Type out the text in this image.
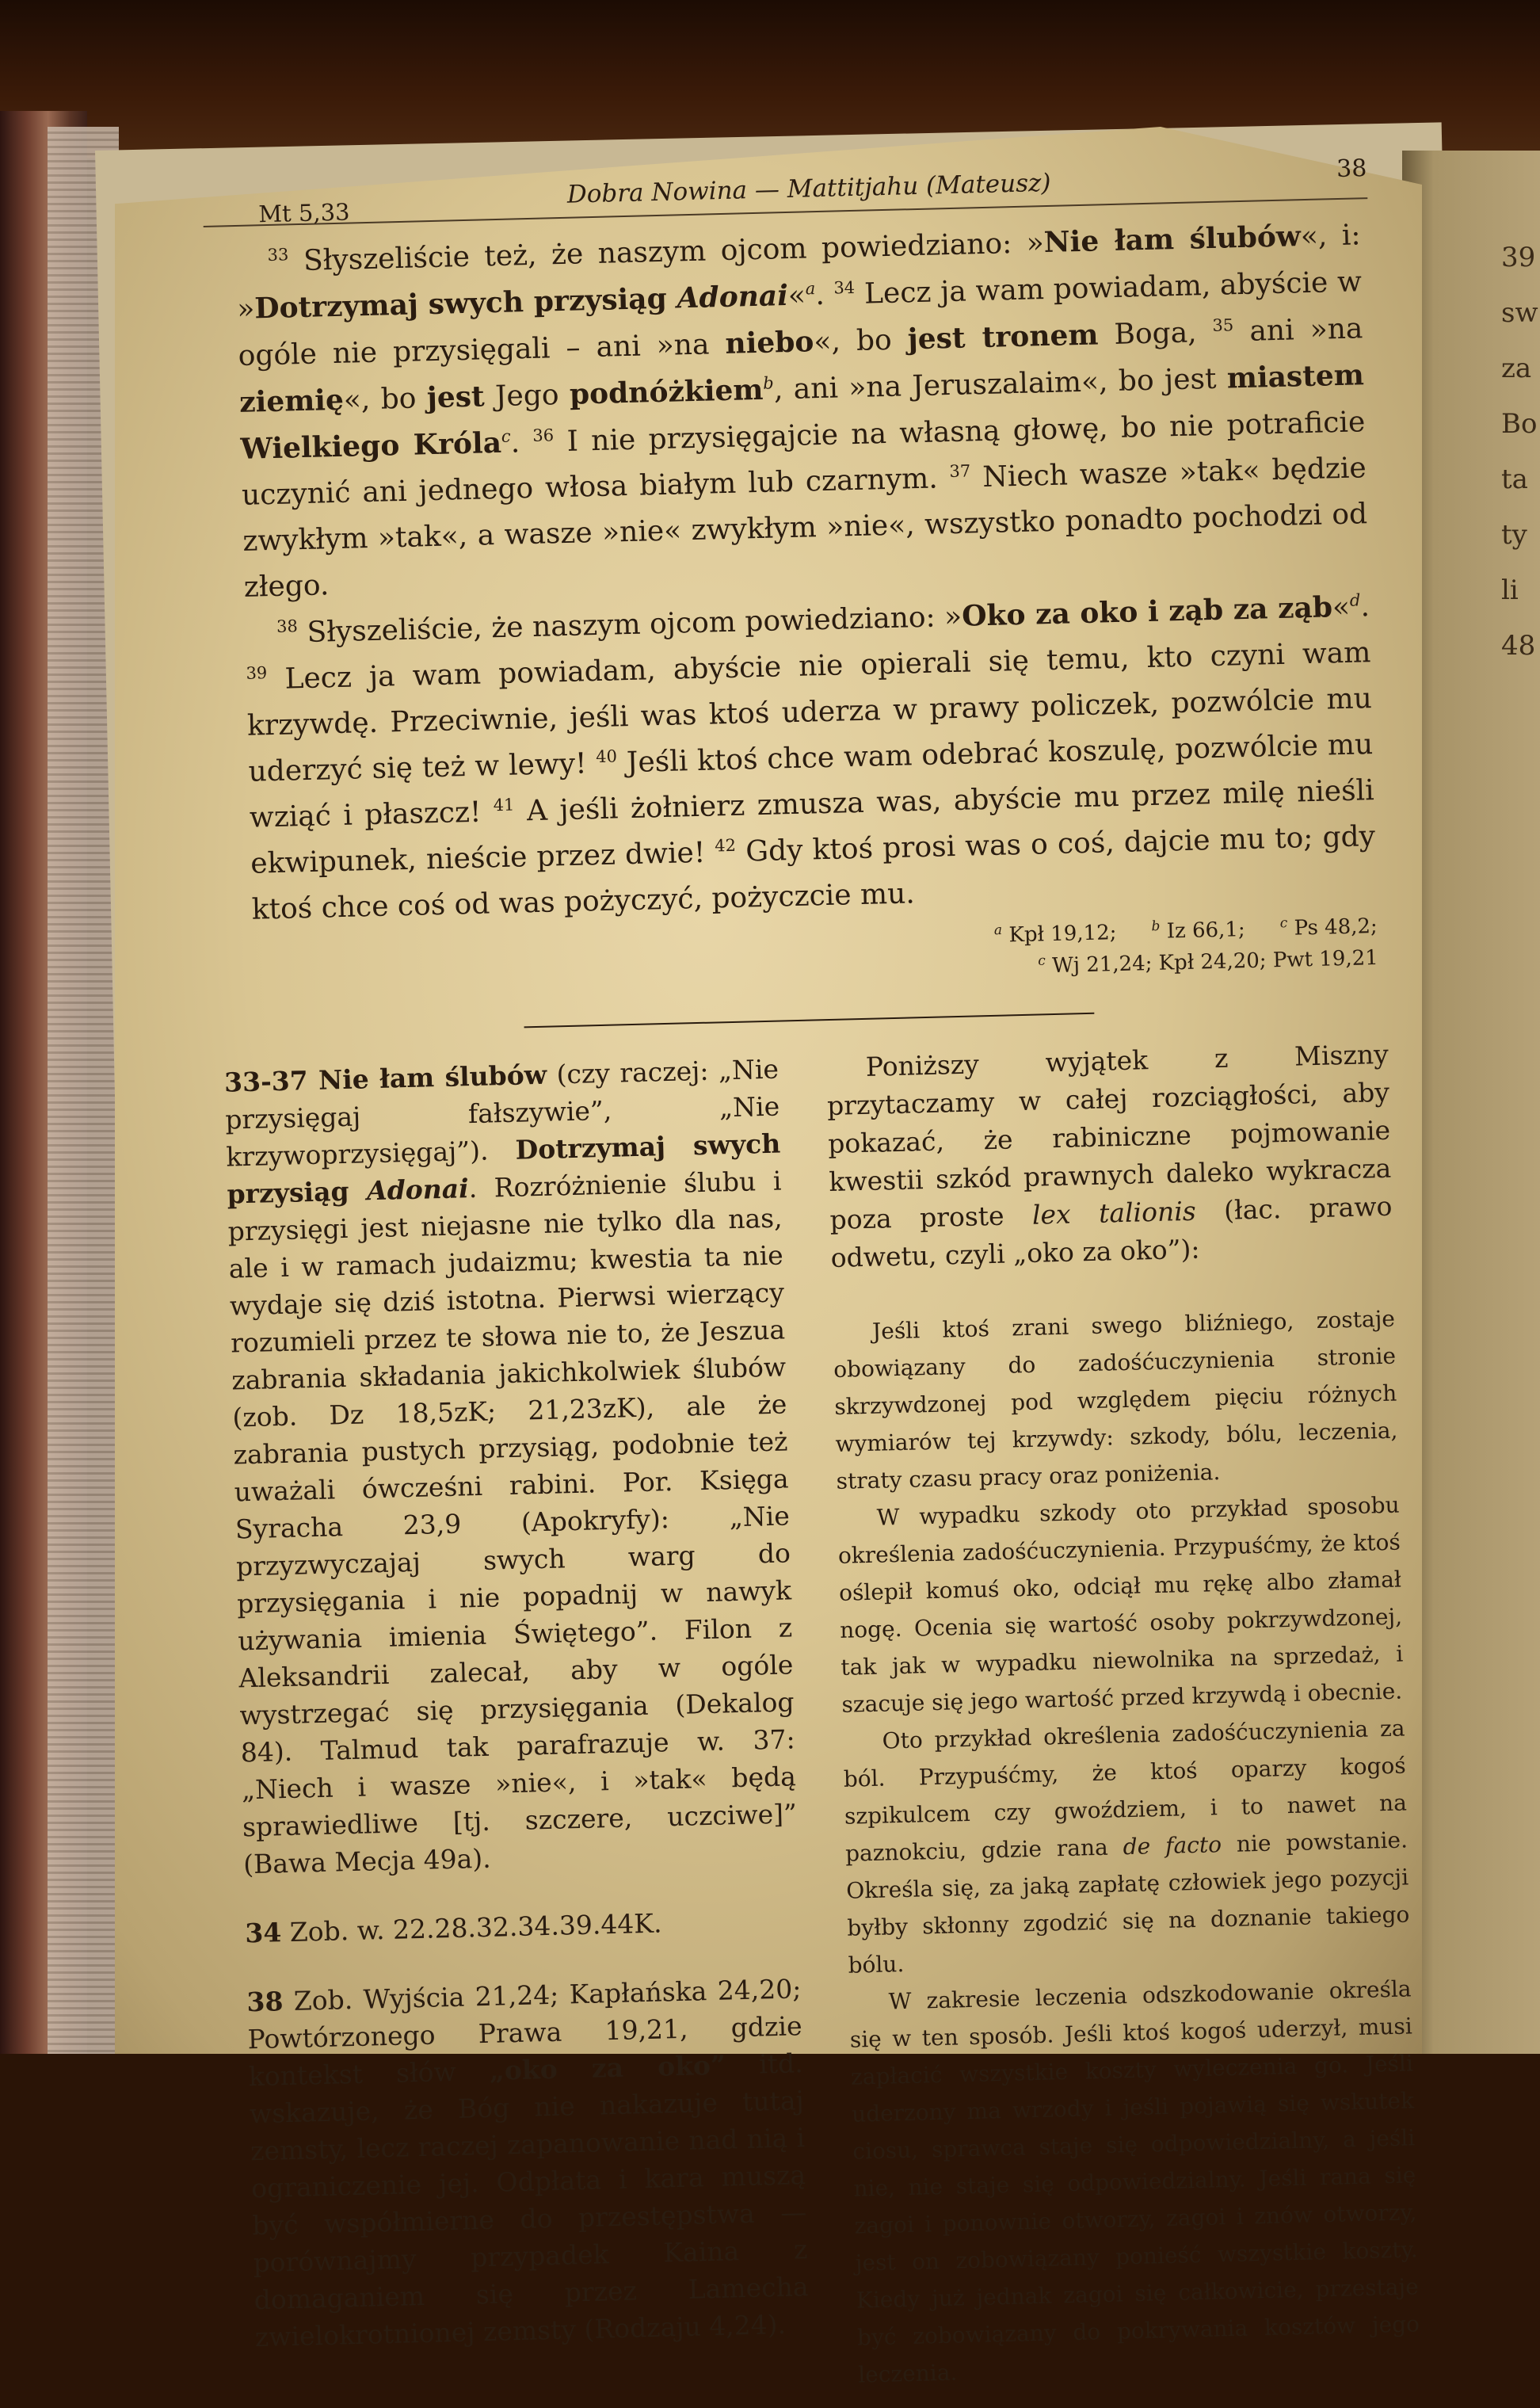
39
sw
za
Bo
ta
ty
li
48
Mt 5,33
Dobra Nowina — Mattitjahu (Mateusz)	38

$^{33}$ Słyszeliście też, że naszym ojcom powiedziano: »Nie łam ślubów«, i: »Dotrzymaj swych przysiąg Adonai«$^a$. $^{34}$ Lecz ja wam powiadam, abyście w ogóle nie przysięgali – ani »na niebo«, bo jest tronem Boga, $^{35}$ ani »na ziemię«, bo jest Jego podnóżkiem$^b$, ani »na Jeruszalaim«, bo jest miastem Wielkiego Króla$^c$. $^{36}$ I nie przysięgajcie na własną głowę, bo nie potraficie uczynić ani jednego włosa białym lub czarnym. $^{37}$ Niech wasze »tak« będzie zwykłym »tak«, a wasze »nie« zwykłym »nie«, wszystko ponadto pochodzi od złego.

$^{38}$ Słyszeliście, że naszym ojcom powiedziano: »Oko za oko i ząb za ząb«$^d$. $^{39}$ Lecz ja wam powiadam, abyście nie opierali się temu, kto czyni wam krzywdę. Przeciwnie, jeśli was ktoś uderza w prawy policzek, pozwólcie mu uderzyć się też w lewy! $^{40}$ Jeśli ktoś chce wam odebrać koszulę, pozwólcie mu wziąć i płaszcz! $^{41}$ A jeśli żołnierz zmusza was, abyście mu przez milę nieśli ekwipunek, nieście przez dwie! $^{42}$ Gdy ktoś prosi was o coś, dajcie mu to; gdy ktoś chce coś od was pożyczyć, pożyczcie mu.

$^a$ Kpł 19,12;	$^b$ Iz 66,1;	$^c$ Ps 48,2;
$^c$ Wj 21,24; Kpł 24,20; Pwt 19,21

33-37 Nie łam ślubów (czy raczej: „Nie przysięgaj fałszywie”, „Nie krzywoprzysięgaj”). Dotrzymaj swych przysiąg Adonai. Rozróżnienie ślubu i przysięgi jest niejasne nie tylko dla nas, ale i w ramach judaizmu; kwestia ta nie wydaje się dziś istotna. Pierwsi wierzący rozumieli przez te słowa nie to, że Jeszua zabrania składania jakichkolwiek ślubów (zob. Dz 18,5zK; 21,23zK), ale że zabrania pustych przysiąg, podobnie też uważali ówcześni rabini. Por. Księga Syracha 23,9 (Apokryfy): „Nie przyzwyczajaj swych warg do przysięgania i nie popadnij w nawyk używania imienia Świętego”. Filon z Aleksandrii zalecał, aby w ogóle wystrzegać się przysięgania (Dekalog 84). Talmud tak parafrazuje w. 37: „Niech i wasze »nie«, i »tak« będą sprawiedliwe [tj. szczere, uczciwe]” (Bawa Mecja 49a).

34 Zob. w. 22.28.32.34.39.44K.

38 Zob. Wyjścia 21,24; Kapłańska 24,20; Powtórzonego Prawa 19,21, gdzie kontekst słów „oko za oko” itd. wskazuje, że Bóg nie nakazuje tutaj zemsty, lecz raczej zapanowanie nad nią i ograniczenie jej. Odpłata i kara muszą być współmierne do przestępstwa — porównajmy przypadek Kaina z domaganiem się przez Lamecha zwielokrotnionej zemsty (Rodzaju 4,24).

Poniższy wyjątek z Miszny przytaczamy w całej rozciągłości, aby pokazać, że rabiniczne pojmowanie kwestii szkód prawnych daleko wykracza poza proste lex talionis (łac. prawo odwetu, czyli „oko za oko”):

Jeśli ktoś zrani swego bliźniego, zostaje obowiązany do zadośćuczynienia stronie skrzywdzonej pod względem pięciu różnych wymiarów tej krzywdy: szkody, bólu, leczenia, straty czasu pracy oraz poniżenia.

W wypadku szkody oto przykład sposobu określenia zadośćuczynienia. Przypuśćmy, że ktoś oślepił komuś oko, odciął mu rękę albo złamał nogę. Ocenia się wartość osoby pokrzywdzonej, tak jak w wypadku niewolnika na sprzedaż, i szacuje się jego wartość przed krzywdą i obecnie.

Oto przykład określenia zadośćuczynienia za ból. Przypuśćmy, że ktoś oparzy kogoś szpikulcem czy gwoździem, i to nawet na paznokciu, gdzie rana de facto nie powstanie. Określa się, za jaką zapłatę człowiek jego pozycji byłby skłonny zgodzić się na doznanie takiego bólu.

W zakresie leczenia odszkodowanie określa się w ten sposób. Jeśli ktoś kogoś uderzył, musi zapłacić wszystkie koszty wyleczenia go. Jeśli uderzony ma wrzody i jeśli pojawią się wskutek ciosu, sprawca staje się odpowiedzialny, a jeśli nie, nie staje się odpowiedzialny. Jeśli rana się zagoi i ponownie otworzy, zagoi i znów otworzy, jest on zobowiązany ponieść wszystkie koszty. Kiedy już jednak zagoi się całkowicie, przestaje być zobowiązany do pokrywania kosztów jego leczenia.
